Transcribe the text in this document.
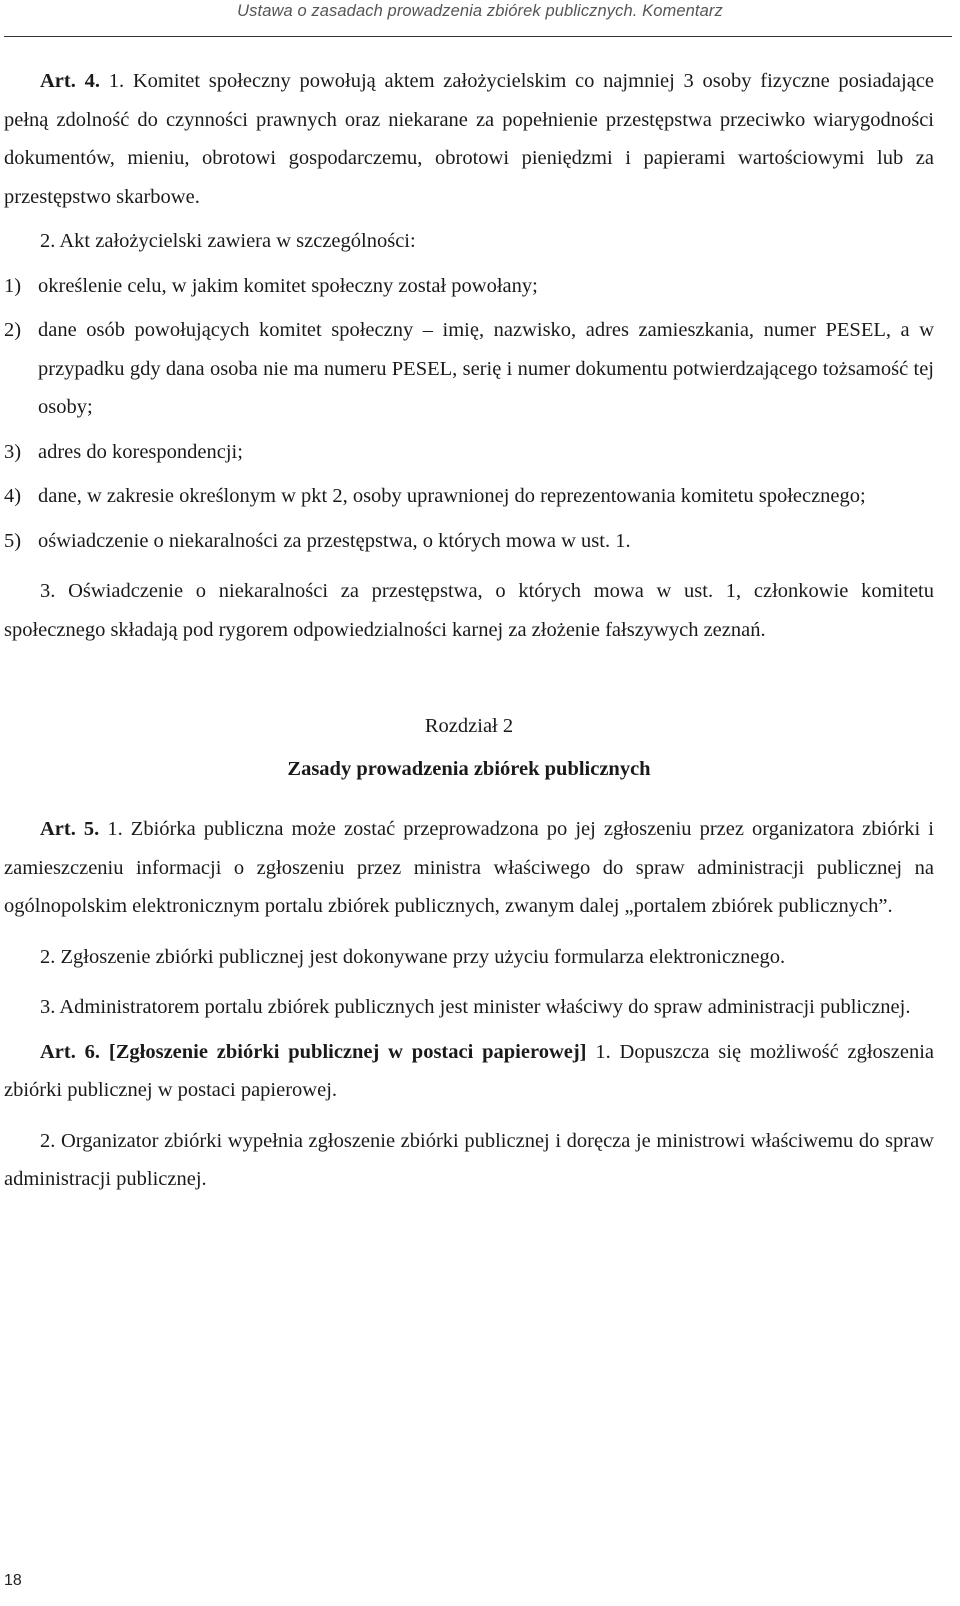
Ustawa o zasadach prowadzenia zbiórek publicznych. Komentarz

Art. 4. 1. Komitet społeczny powołują aktem założycielskim co najmniej 3 osoby fizyczne posiadające pełną zdolność do czynności prawnych oraz niekarane za popełnienie przestępstwa przeciwko wiarygodności dokumentów, mieniu, obrotowi gospodarczemu, obrotowi pieniędzmi i papierami wartościowymi lub za przestępstwo skarbowe.

2. Akt założycielski zawiera w szczególności:

1) określenie celu, w jakim komitet społeczny został powołany;
2) dane osób powołujących komitet społeczny – imię, nazwisko, adres zamieszkania, numer PESEL, a w przypadku gdy dana osoba nie ma numeru PESEL, serię i numer dokumentu potwierdzającego tożsamość tej osoby;
3) adres do korespondencji;
4) dane, w zakresie określonym w pkt 2, osoby uprawnionej do reprezentowania komitetu społecznego;
5) oświadczenie o niekaralności za przestępstwa, o których mowa w ust. 1.

3. Oświadczenie o niekaralności za przestępstwa, o których mowa w ust. 1, członkowie komitetu społecznego składają pod rygorem odpowiedzialności karnej za złożenie fałszywych zeznań.

Rozdział 2

Zasady prowadzenia zbiórek publicznych

Art. 5. 1. Zbiórka publiczna może zostać przeprowadzona po jej zgłoszeniu przez organizatora zbiórki i zamieszczeniu informacji o zgłoszeniu przez ministra właściwego do spraw administracji publicznej na ogólnopolskim elektronicznym portalu zbiórek publicznych, zwanym dalej „portalem zbiórek publicznych”.

2. Zgłoszenie zbiórki publicznej jest dokonywane przy użyciu formularza elektronicznego.

3. Administratorem portalu zbiórek publicznych jest minister właściwy do spraw administracji publicznej.

Art. 6. [Zgłoszenie zbiórki publicznej w postaci papierowej] 1. Dopuszcza się możliwość zgłoszenia zbiórki publicznej w postaci papierowej.

2. Organizator zbiórki wypełnia zgłoszenie zbiórki publicznej i doręcza je ministrowi właściwemu do spraw administracji publicznej.

18
